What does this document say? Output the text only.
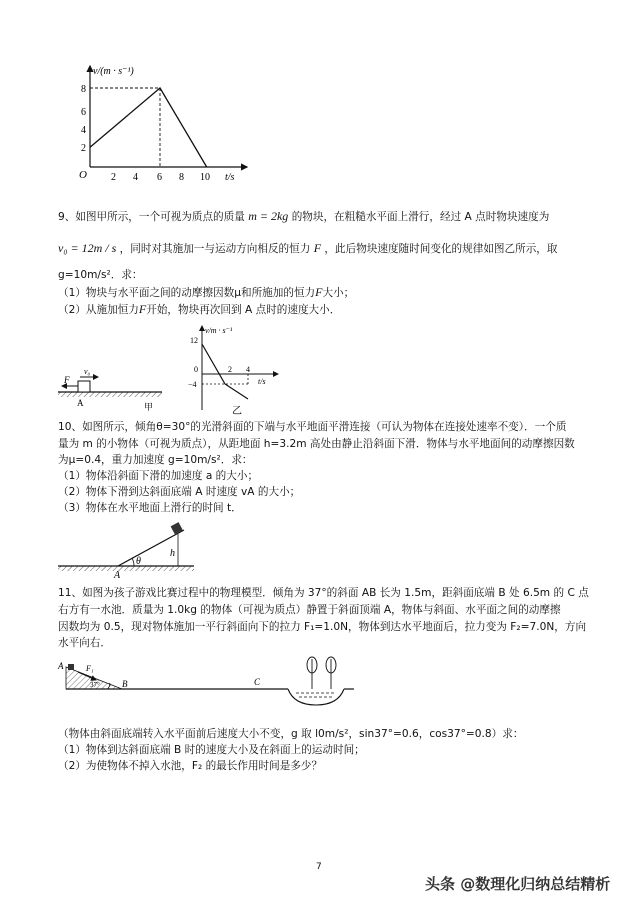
v/(m · s⁻¹)
t/s
O
2
4
6
8
2 4 6 8 10
9、如图甲所示，一个可视为质点的质量 m = 2kg 的物块，在粗糙水平面上滑行，经过 A 点时物块速度为
v₀ = 12m / s ，同时对其施加一与运动方向相反的恒力 F ，此后物块速度随时间变化的规律如图乙所示，取
g=10m/s²．求：
（1）物块与水平面之间的动摩擦因数μ和所施加的恒力F大小；
（2）从施加恒力F开始，物块再次回到 A 点时的速度大小．
F
v₀
A	甲
v/m · s⁻¹
12
0
−4
2 4
t/s
乙
10、如图所示，倾角θ=30°的光滑斜面的下端与水平地面平滑连接（可认为物体在连接处速率不变）．一个质
量为 m 的小物体（可视为质点），从距地面 h=3.2m 高处由静止沿斜面下滑．物体与水平地面间的动摩擦因数
为μ=0.4，重力加速度 g=10m/s²．求：
（1）物体沿斜面下滑的加速度 a 的大小；
（2）物体下滑到达斜面底端 A 时速度 vA 的大小；
（3）物体在水平地面上滑行的时间 t．
h
A
θ
11、如图为孩子游戏比赛过程中的物理模型．倾角为 37°的斜面 AB 长为 1.5m，距斜面底端 B 处 6.5m 的 C 点
右方有一水池．质量为 1.0kg 的物体（可视为质点）静置于斜面顶端 A，物体与斜面、水平面之间的动摩擦
因数均为 0.5，现对物体施加一平行斜面向下的拉力 F₁=1.0N，物体到达水平地面后，拉力变为 F₂=7.0N，方向
水平向右．
A	F₁
37° B	C
（物体由斜面底端转入水平面前后速度大小不变，g 取 l0m/s²，sin37°=0.6，cos37°=0.8）求：
（1）物体到达斜面底端 B 时的速度大小及在斜面上的运动时间；
（2）为使物体不掉入水池，F₂ 的最长作用时间是多少？
7
头条 @数理化归纳总结精析
